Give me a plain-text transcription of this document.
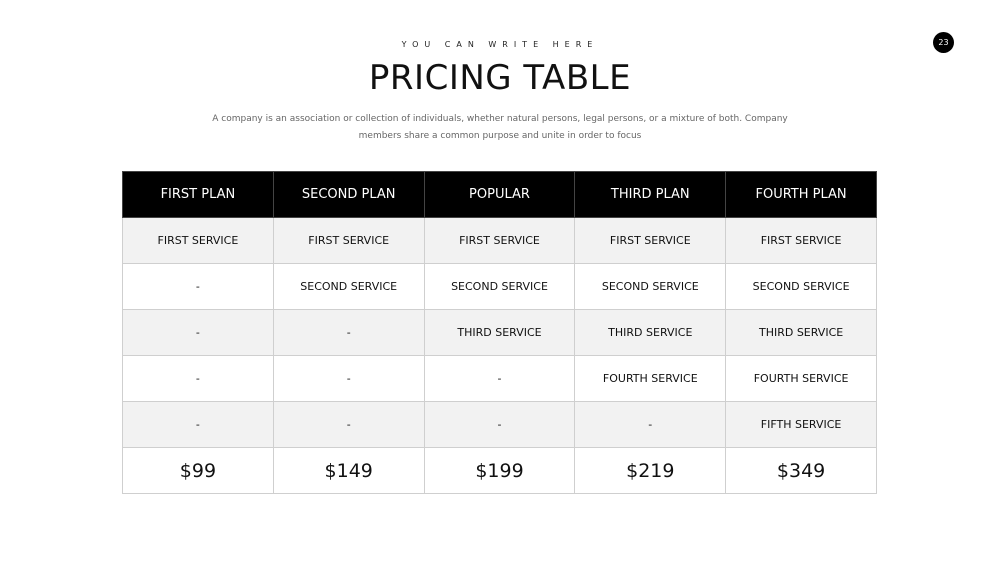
YOU CAN WRITE HERE
PRICING TABLE
A company is an association or collection of individuals, whether natural persons, legal persons, or a mixture of both. Company
members share a common purpose and unite in order to focus
23
FIRST PLAN	SECOND PLAN	POPULAR	THIRD PLAN	FOURTH PLAN
FIRST SERVICE	FIRST SERVICE	FIRST SERVICE	FIRST SERVICE	FIRST SERVICE
-	SECOND SERVICE	SECOND SERVICE	SECOND SERVICE	SECOND SERVICE
-	-	THIRD SERVICE	THIRD SERVICE	THIRD SERVICE
-	-	-	FOURTH SERVICE	FOURTH SERVICE
-	-	-	-	FIFTH SERVICE
$99	$149	$199	$219	$349
